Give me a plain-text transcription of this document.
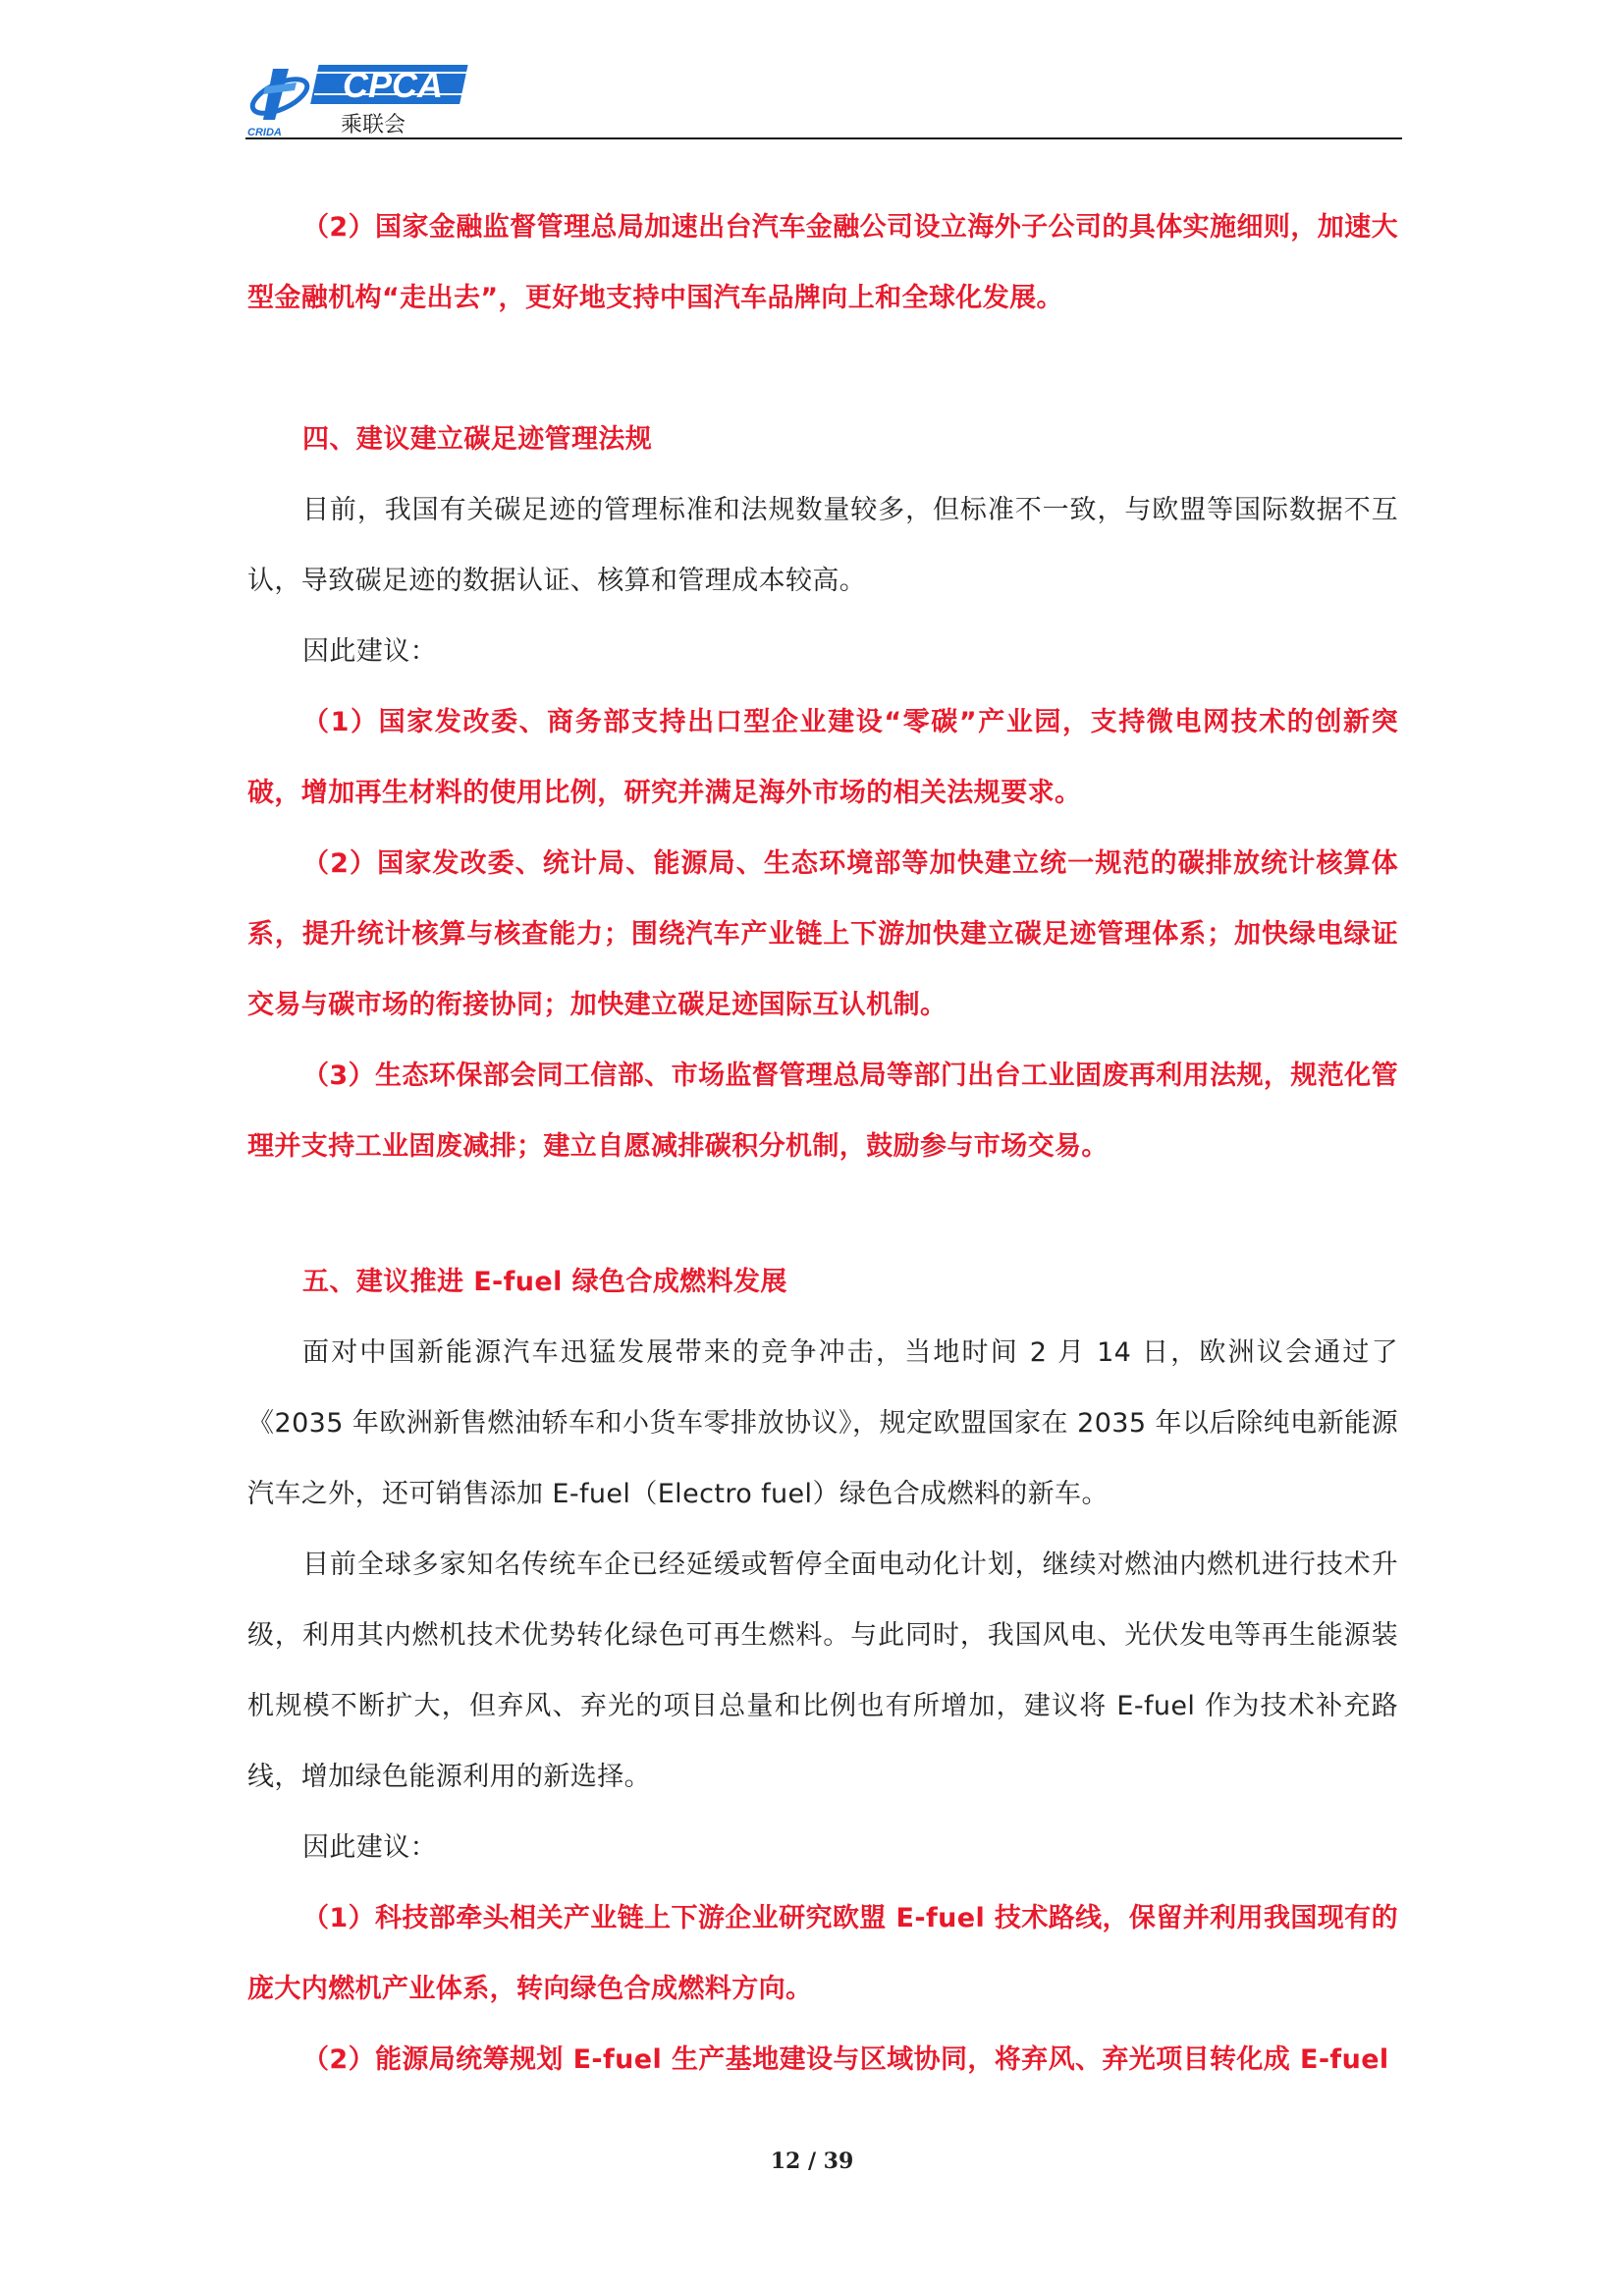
CRIDA
CPCA
乘联会

（2）国家金融监督管理总局加速出台汽车金融公司设立海外子公司的具体实施细则，加速大型金融机构“走出去”，更好地支持中国汽车品牌向上和全球化发展。

四、建议建立碳足迹管理法规

目前，我国有关碳足迹的管理标准和法规数量较多，但标准不一致，与欧盟等国际数据不互认，导致碳足迹的数据认证、核算和管理成本较高。

因此建议：

（1）国家发改委、商务部支持出口型企业建设“零碳”产业园，支持微电网技术的创新突破，增加再生材料的使用比例，研究并满足海外市场的相关法规要求。

（2）国家发改委、统计局、能源局、生态环境部等加快建立统一规范的碳排放统计核算体系，提升统计核算与核查能力；围绕汽车产业链上下游加快建立碳足迹管理体系；加快绿电绿证交易与碳市场的衔接协同；加快建立碳足迹国际互认机制。

（3）生态环保部会同工信部、市场监督管理总局等部门出台工业固废再利用法规，规范化管理并支持工业固废减排；建立自愿减排碳积分机制，鼓励参与市场交易。

五、建议推进 E-fuel 绿色合成燃料发展

面对中国新能源汽车迅猛发展带来的竞争冲击，当地时间 2 月 14 日，欧洲议会通过了《2035 年欧洲新售燃油轿车和小货车零排放协议》，规定欧盟国家在 2035 年以后除纯电新能源汽车之外，还可销售添加 E-fuel（Electro fuel）绿色合成燃料的新车。

目前全球多家知名传统车企已经延缓或暂停全面电动化计划，继续对燃油内燃机进行技术升级，利用其内燃机技术优势转化绿色可再生燃料。与此同时，我国风电、光伏发电等再生能源装机规模不断扩大，但弃风、弃光的项目总量和比例也有所增加，建议将 E-fuel 作为技术补充路线，增加绿色能源利用的新选择。

因此建议：

（1）科技部牵头相关产业链上下游企业研究欧盟 E-fuel 技术路线，保留并利用我国现有的庞大内燃机产业体系，转向绿色合成燃料方向。

（2）能源局统筹规划 E-fuel 生产基地建设与区域协同，将弃风、弃光项目转化成 E-fuel

12 / 39
